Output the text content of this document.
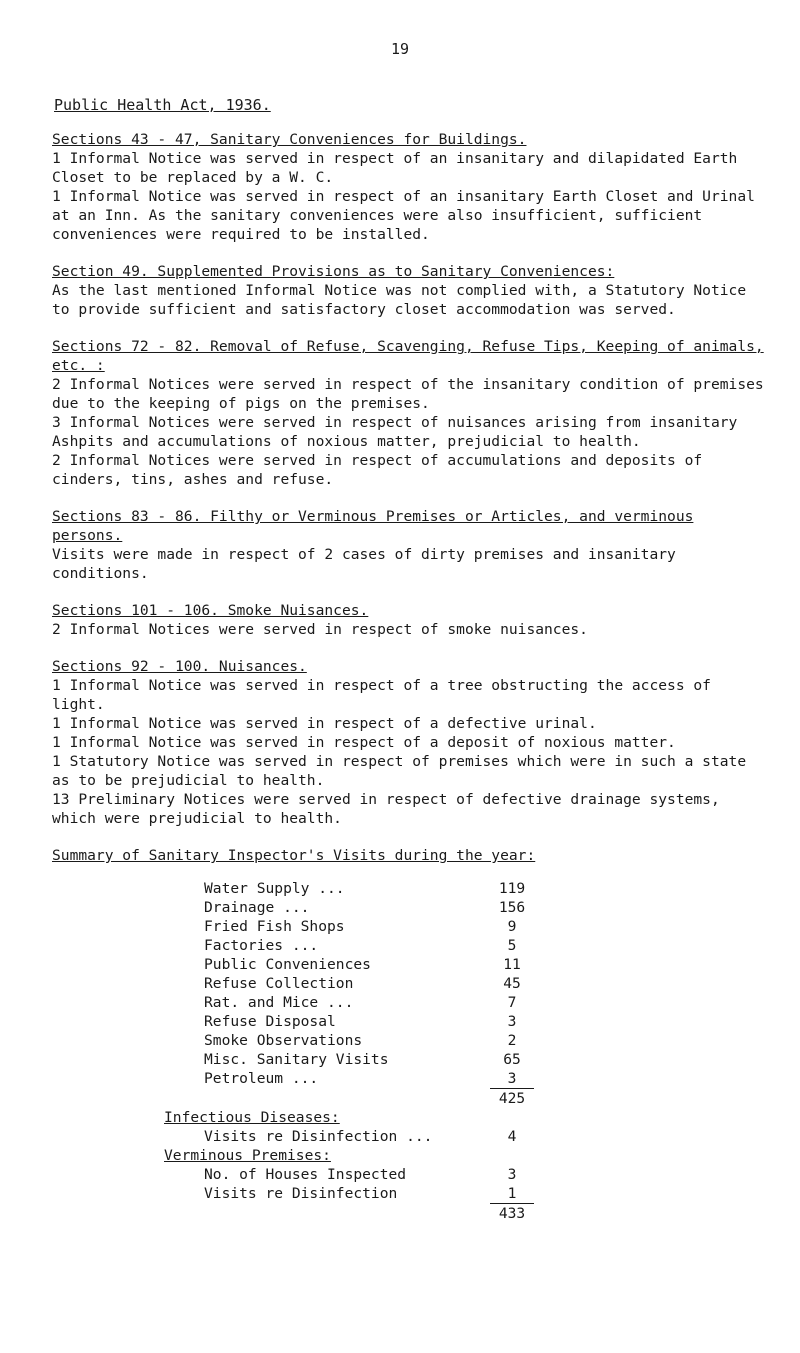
19
Public Health Act, 1936.
Sections 43 - 47, Sanitary Conveniences for Buildings.

1 Informal Notice was served in respect of an insanitary and dilapidated Earth Closet to be replaced by a W. C.

1 Informal Notice was served in respect of an insanitary Earth Closet and Urinal at an Inn. As the sanitary conveniences were also insufficient, sufficient conveniences were required to be installed.

Section 49. Supplemented Provisions as to Sanitary Conveniences:

As the last mentioned Informal Notice was not complied with, a Statutory Notice to provide sufficient and satisfactory closet accommodation was served.

Sections 72 - 82. Removal of Refuse, Scavenging, Refuse Tips, Keeping of animals, etc. :

2 Informal Notices were served in respect of the insanitary condition of premises due to the keeping of pigs on the premises.

3 Informal Notices were served in respect of nuisances arising from insanitary Ashpits and accumulations of noxious matter, prejudicial to health.

2 Informal Notices were served in respect of accumulations and deposits of cinders, tins, ashes and refuse.

Sections 83 - 86. Filthy or Verminous Premises or Articles, and verminous persons.

Visits were made in respect of 2 cases of dirty premises and insanitary conditions.

Sections 101 - 106. Smoke Nuisances.

2 Informal Notices were served in respect of smoke nuisances.

Sections 92 - 100. Nuisances.

1 Informal Notice was served in respect of a tree obstructing the access of light.

1 Informal Notice was served in respect of a defective urinal.

1 Informal Notice was served in respect of a deposit of noxious matter.

1 Statutory Notice was served in respect of premises which were in such a state as to be prejudicial to health.

13 Preliminary Notices were served in respect of defective drainage systems, which were prejudicial to health.

Summary of Sanitary Inspector's Visits during the year:
Water Supply ...	119
Drainage ...	156
Fried Fish Shops	9
Factories ...	5
Public Conveniences	11
Refuse Collection	45
Rat. and Mice ...	7
Refuse Disposal	3
Smoke Observations	2
Misc. Sanitary Visits	65
Petroleum ...	3
425
Infectious Diseases:
Visits re Disinfection ...	4
Verminous Premises:
No. of Houses Inspected	3
Visits re Disinfection	1
433
